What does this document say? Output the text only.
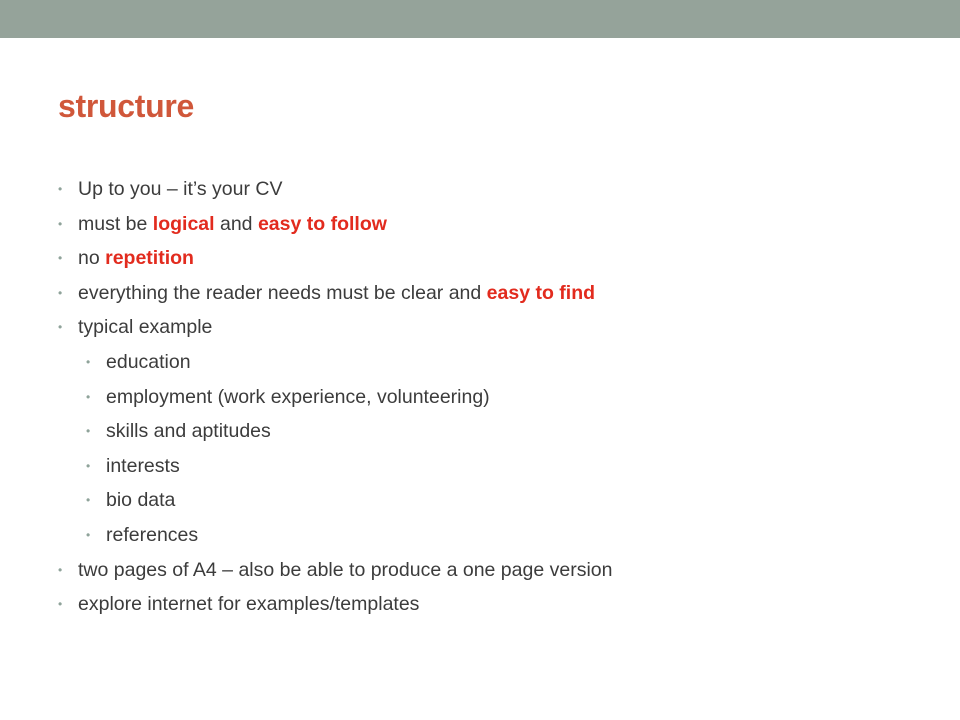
structure
• Up to you – it’s your CV
• must be logical and easy to follow
• no repetition
• everything the reader needs must be clear and easy to find
• typical example
• education
• employment (work experience, volunteering)
• skills and aptitudes
• interests
• bio data
• references
• two pages of A4 – also be able to produce a one page version
• explore internet for examples/templates
